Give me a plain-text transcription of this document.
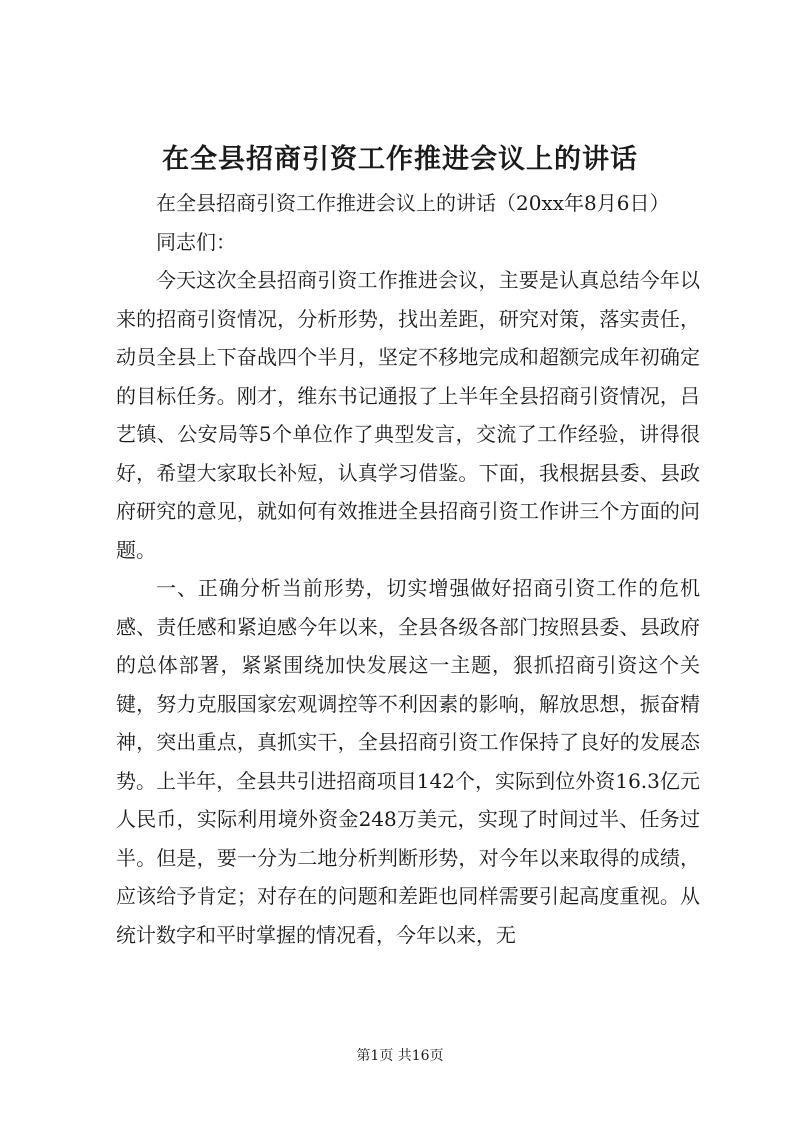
在全县招商引资工作推进会议上的讲话

在全县招商引资工作推进会议上的讲话（20xx年8月6日）

同志们：

今天这次全县招商引资工作推进会议，主要是认真总结今年以来的招商引资情况，分析形势，找出差距，研究对策，落实责任，动员全县上下奋战四个半月，坚定不移地完成和超额完成年初确定的目标任务。刚才，维东书记通报了上半年全县招商引资情况，吕艺镇、公安局等5个单位作了典型发言，交流了工作经验，讲得很好，希望大家取长补短，认真学习借鉴。下面，我根据县委、县政府研究的意见，就如何有效推进全县招商引资工作讲三个方面的问题。

一、正确分析当前形势，切实增强做好招商引资工作的危机感、责任感和紧迫感今年以来，全县各级各部门按照县委、县政府的总体部署，紧紧围绕加快发展这一主题，狠抓招商引资这个关键，努力克服国家宏观调控等不利因素的影响，解放思想，振奋精神，突出重点，真抓实干，全县招商引资工作保持了良好的发展态势。上半年，全县共引进招商项目142个，实际到位外资16.3亿元人民币，实际利用境外资金248万美元，实现了时间过半、任务过半。但是，要一分为二地分析判断形势，对今年以来取得的成绩，应该给予肯定；对存在的问题和差距也同样需要引起高度重视。从统计数字和平时掌握的情况看，今年以来，无

第1页 共16页
